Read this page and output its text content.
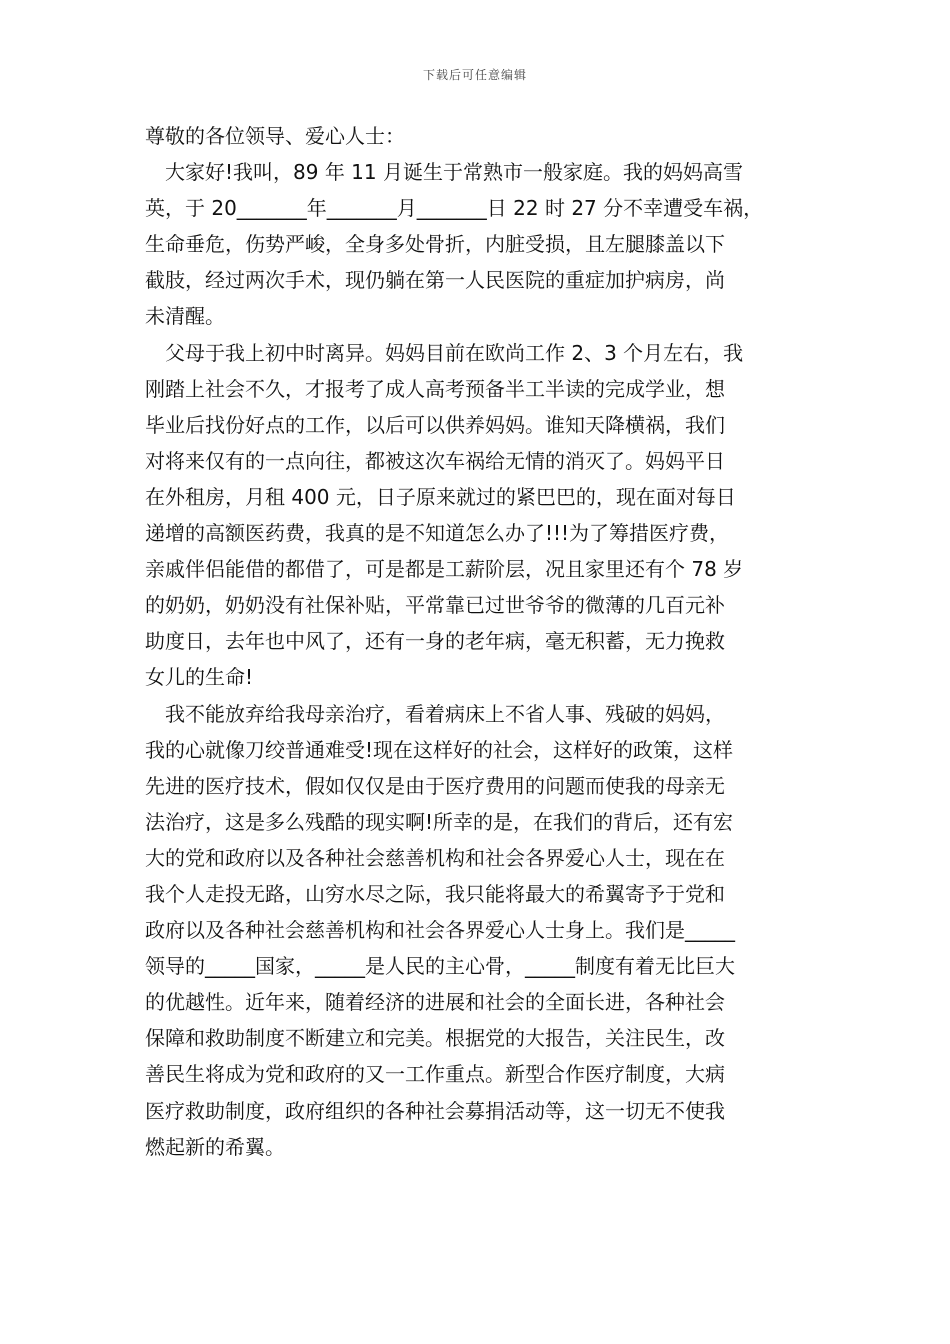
下载后可任意编辑
尊敬的各位领导、爱心人士：
大家好!我叫，89 年 11 月诞生于常熟市一般家庭。我的妈妈高雪
英，于 20_______年_______月_______日 22 时 27 分不幸遭受车祸，
生命垂危，伤势严峻，全身多处骨折，内脏受损，且左腿膝盖以下
截肢，经过两次手术，现仍躺在第一人民医院的重症加护病房，尚
未清醒。
父母于我上初中时离异。妈妈目前在欧尚工作 2、3 个月左右，我
刚踏上社会不久，才报考了成人高考预备半工半读的完成学业，想
毕业后找份好点的工作，以后可以供养妈妈。谁知天降横祸，我们
对将来仅有的一点向往，都被这次车祸给无情的消灭了。妈妈平日
在外租房，月租 400 元，日子原来就过的紧巴巴的，现在面对每日
递增的高额医药费，我真的是不知道怎么办了!!!为了筹措医疗费，
亲戚伴侣能借的都借了，可是都是工薪阶层，况且家里还有个 78 岁
的奶奶，奶奶没有社保补贴，平常靠已过世爷爷的微薄的几百元补
助度日，去年也中风了，还有一身的老年病，毫无积蓄，无力挽救
女儿的生命!
我不能放弃给我母亲治疗，看着病床上不省人事、残破的妈妈，
我的心就像刀绞普通难受!现在这样好的社会，这样好的政策，这样
先进的医疗技术，假如仅仅是由于医疗费用的问题而使我的母亲无
法治疗，这是多么残酷的现实啊!所幸的是，在我们的背后，还有宏
大的党和政府以及各种社会慈善机构和社会各界爱心人士，现在在
我个人走投无路，山穷水尽之际，我只能将最大的希翼寄予于党和
政府以及各种社会慈善机构和社会各界爱心人士身上。我们是_____
领导的_____国家，_____是人民的主心骨，_____制度有着无比巨大
的优越性。近年来，随着经济的进展和社会的全面长进，各种社会
保障和救助制度不断建立和完美。根据党的大报告，关注民生，改
善民生将成为党和政府的又一工作重点。新型合作医疗制度，大病
医疗救助制度，政府组织的各种社会募捐活动等，这一切无不使我
燃起新的希翼。
